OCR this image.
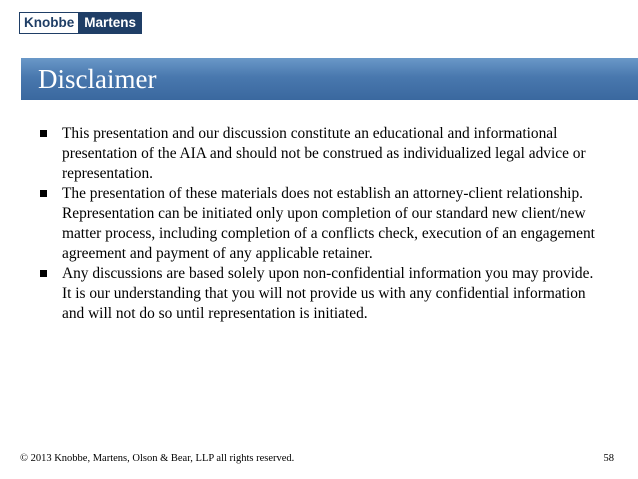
Knobbe Martens
Disclaimer
This presentation and our discussion constitute an educational and informational presentation of the AIA and should not be construed as individualized legal advice or representation.
The presentation of these materials does not establish an attorney-client relationship. Representation can be initiated only upon completion of our standard new client/new matter process, including completion of a conflicts check, execution of an engagement agreement and payment of any applicable retainer.
Any discussions are based solely upon non-confidential information you may provide. It is our understanding that you will not provide us with any confidential information and will not do so until representation is initiated.
© 2013 Knobbe, Martens, Olson & Bear, LLP all rights reserved.	58
